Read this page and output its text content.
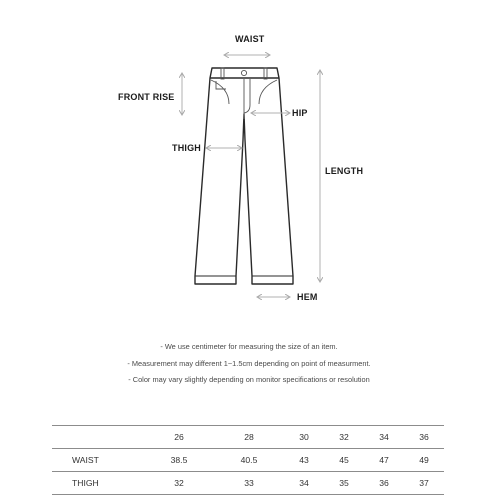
WAIST
FRONT RISE
HIP
THIGH
LENGTH
HEM
- We use centimeter for measuring the size of an item.
- Measurement may different 1~1.5cm depending on point of measurment.
- Color may vary slightly depending on monitor specifications or resolution
	26	28	30	32	34	36
WAIST	38.5	40.5	43	45	47	49
THIGH	32	33	34	35	36	37
